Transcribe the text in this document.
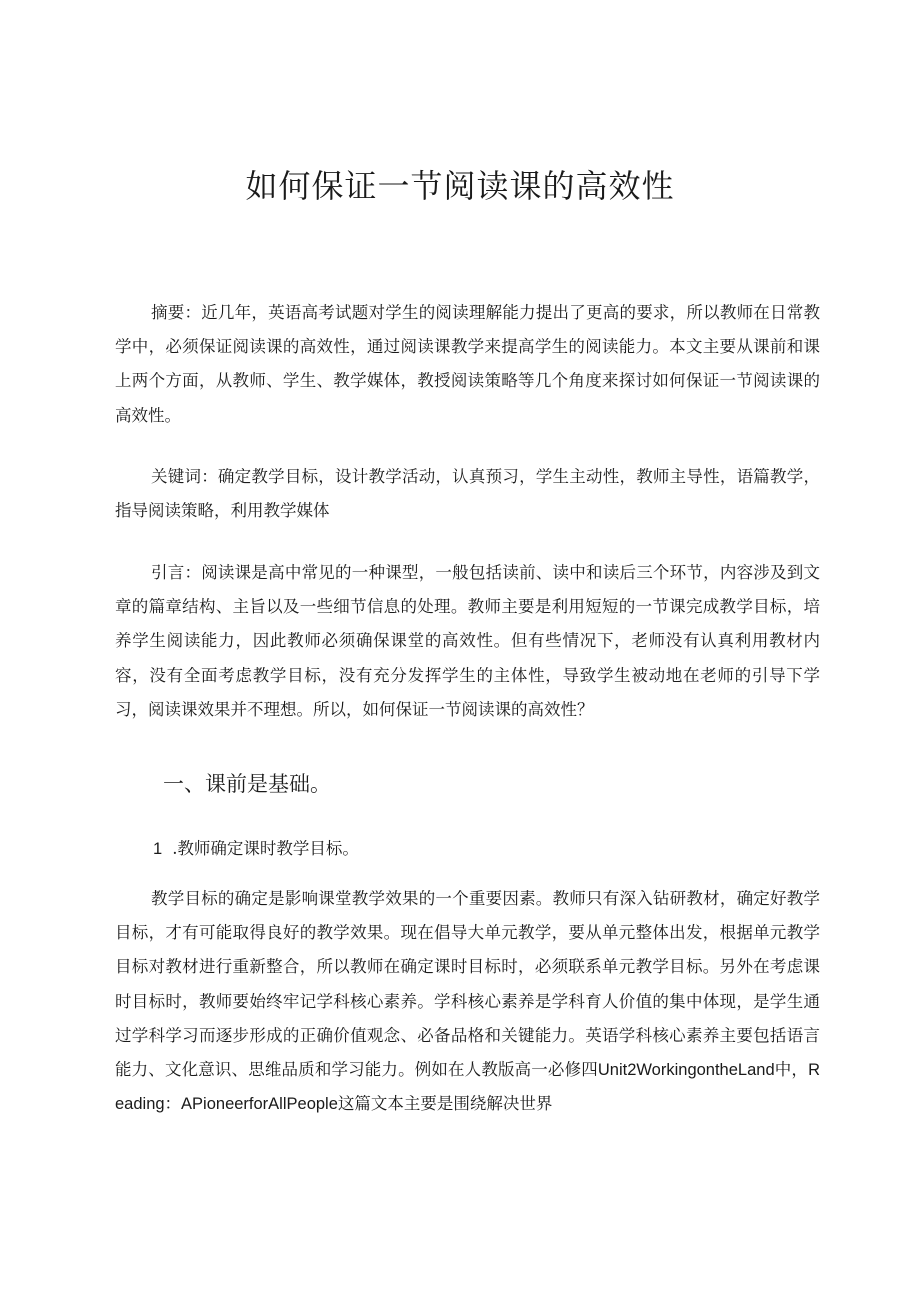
如何保证一节阅读课的高效性

摘要：近几年，英语高考试题对学生的阅读理解能力提出了更高的要求，所以教师在日常教学中，必须保证阅读课的高效性，通过阅读课教学来提高学生的阅读能力。本文主要从课前和课上两个方面，从教师、学生、教学媒体，教授阅读策略等几个角度来探讨如何保证一节阅读课的高效性。

关键词：确定教学目标，设计教学活动，认真预习，学生主动性，教师主导性，语篇教学，指导阅读策略，利用教学媒体

引言：阅读课是高中常见的一种课型，一般包括读前、读中和读后三个环节，内容涉及到文章的篇章结构、主旨以及一些细节信息的处理。教师主要是利用短短的一节课完成教学目标，培养学生阅读能力，因此教师必须确保课堂的高效性。但有些情况下，老师没有认真利用教材内容，没有全面考虑教学目标，没有充分发挥学生的主体性，导致学生被动地在老师的引导下学习，阅读课效果并不理想。所以，如何保证一节阅读课的高效性？

一、课前是基础。

1 .教师确定课时教学目标。

教学目标的确定是影响课堂教学效果的一个重要因素。教师只有深入钻研教材，确定好教学目标，才有可能取得良好的教学效果。现在倡导大单元教学，要从单元整体出发，根据单元教学目标对教材进行重新整合，所以教师在确定课时目标时，必须联系单元教学目标。另外在考虑课时目标时，教师要始终牢记学科核心素养。学科核心素养是学科育人价值的集中体现，是学生通过学科学习而逐步形成的正确价值观念、必备品格和关键能力。英语学科核心素养主要包括语言能力、文化意识、思维品质和学习能力。例如在人教版高一必修四Unit2WorkingontheLand中，Reading：APioneerforAllPeople这篇文本主要是围绕解决世界
